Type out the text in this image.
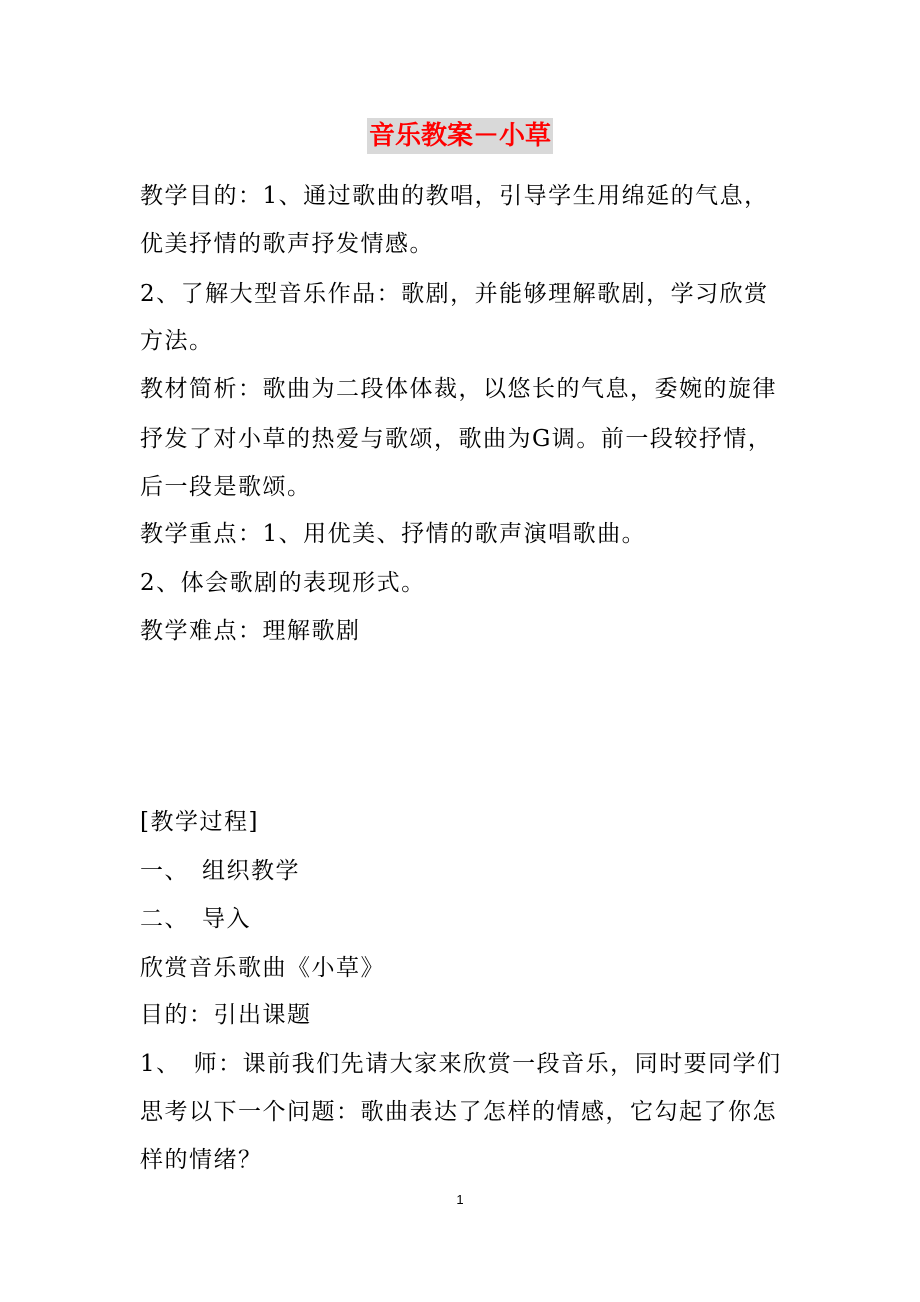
音乐教案－小草
教学目的：1、通过歌曲的教唱，引导学生用绵延的气息，
优美抒情的歌声抒发情感。
2、了解大型音乐作品：歌剧，并能够理解歌剧，学习欣赏
方法。
教材简析：歌曲为二段体体裁，以悠长的气息，委婉的旋律
抒发了对小草的热爱与歌颂，歌曲为G调。前一段较抒情，
后一段是歌颂。
教学重点：1、用优美、抒情的歌声演唱歌曲。
2、体会歌剧的表现形式。
教学难点：理解歌剧
[教学过程]
一、　组织教学
二、　导入
欣赏音乐歌曲《小草》
目的：引出课题
1、　师：课前我们先请大家来欣赏一段音乐，同时要同学们
思考以下一个问题：歌曲表达了怎样的情感，它勾起了你怎
样的情绪？
1
